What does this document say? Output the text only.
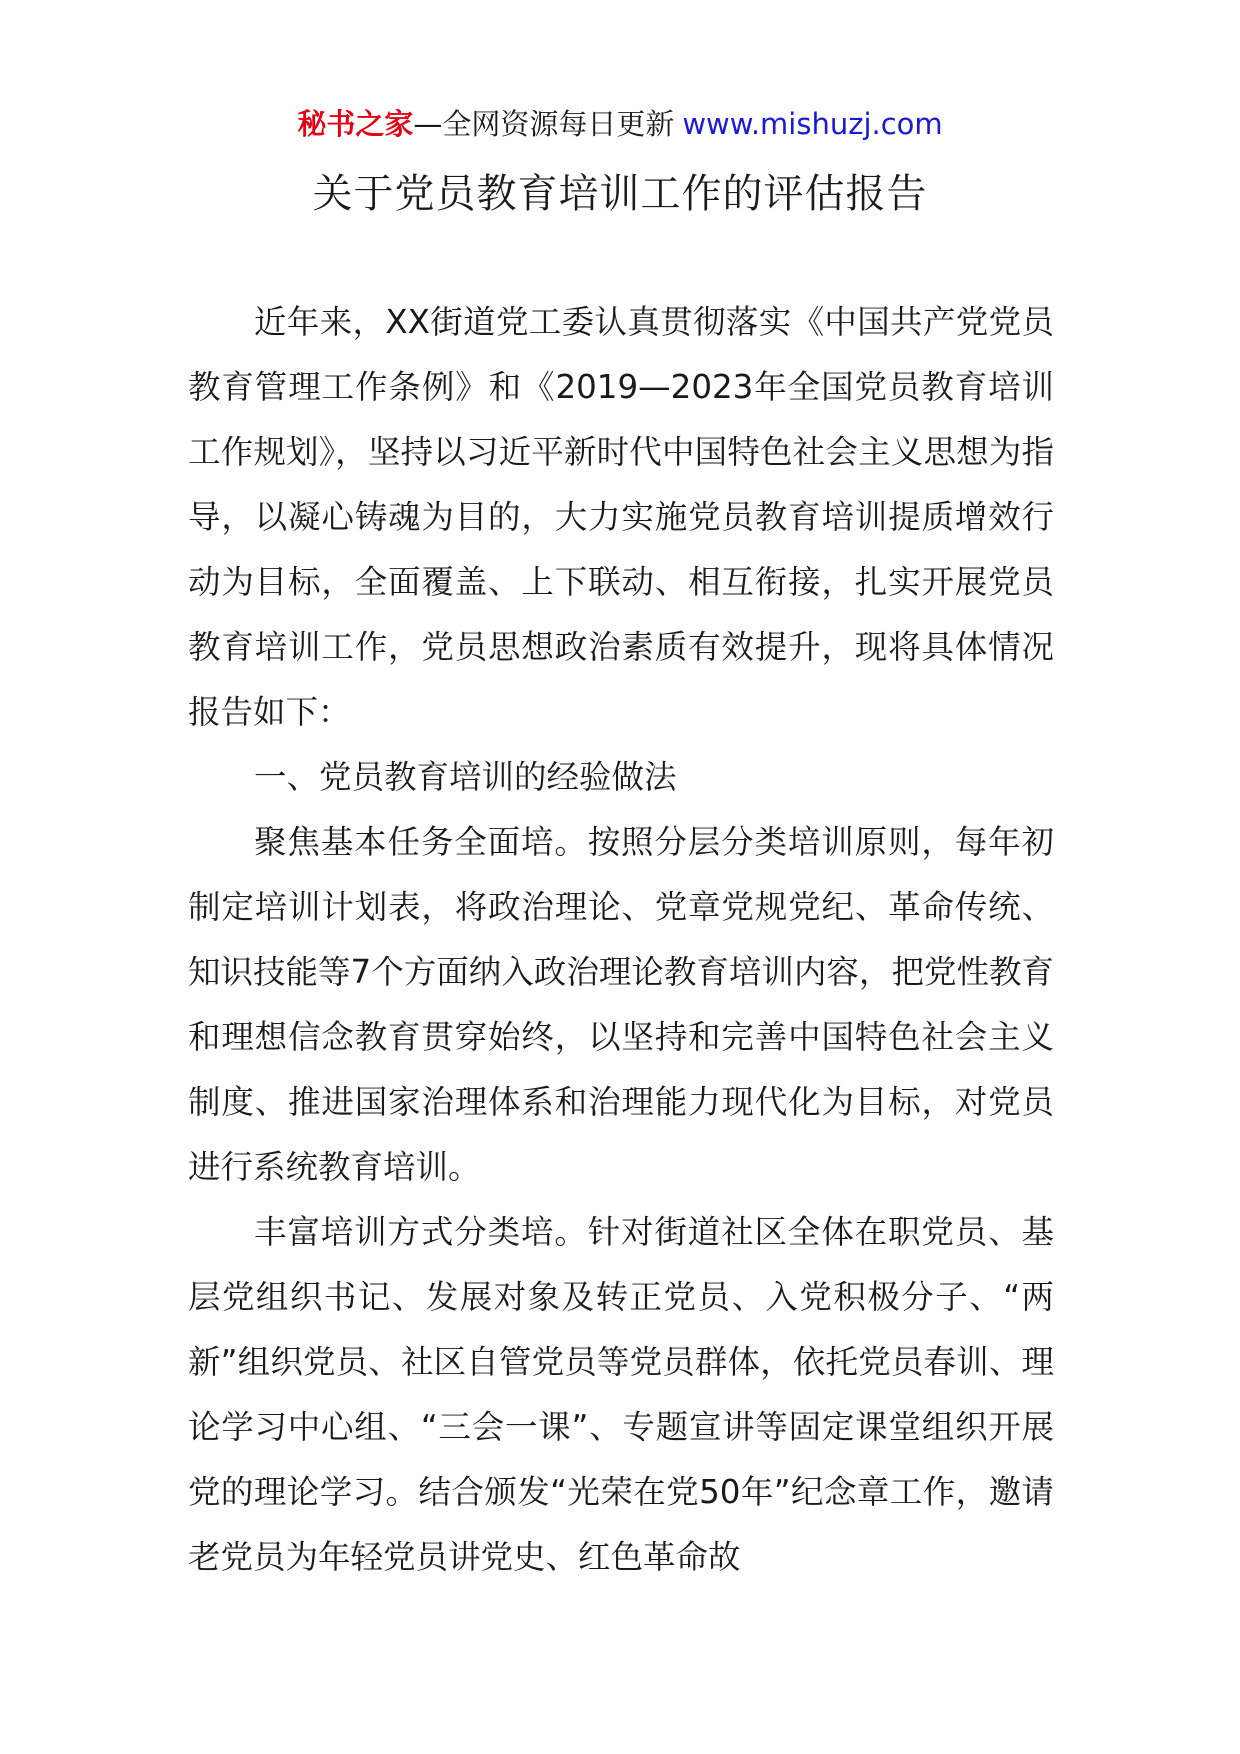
秘书之家—全网资源每日更新 www.mishuzj.com
关于党员教育培训工作的评估报告

近年来，XX街道党工委认真贯彻落实《中国共产党党员教育管理工作条例》和《2019—2023年全国党员教育培训工作规划》，坚持以习近平新时代中国特色社会主义思想为指导，以凝心铸魂为目的，大力实施党员教育培训提质增效行动为目标，全面覆盖、上下联动、相互衔接，扎实开展党员教育培训工作，党员思想政治素质有效提升，现将具体情况报告如下：

一、党员教育培训的经验做法

聚焦基本任务全面培。按照分层分类培训原则，每年初制定培训计划表，将政治理论、党章党规党纪、革命传统、知识技能等7个方面纳入政治理论教育培训内容，把党性教育和理想信念教育贯穿始终，以坚持和完善中国特色社会主义制度、推进国家治理体系和治理能力现代化为目标，对党员进行系统教育培训。

丰富培训方式分类培。针对街道社区全体在职党员、基层党组织书记、发展对象及转正党员、入党积极分子、“两新”组织党员、社区自管党员等党员群体，依托党员春训、理论学习中心组、“三会一课”、专题宣讲等固定课堂组织开展党的理论学习。结合颁发“光荣在党50年”纪念章工作，邀请老党员为年轻党员讲党史、红色革命故
